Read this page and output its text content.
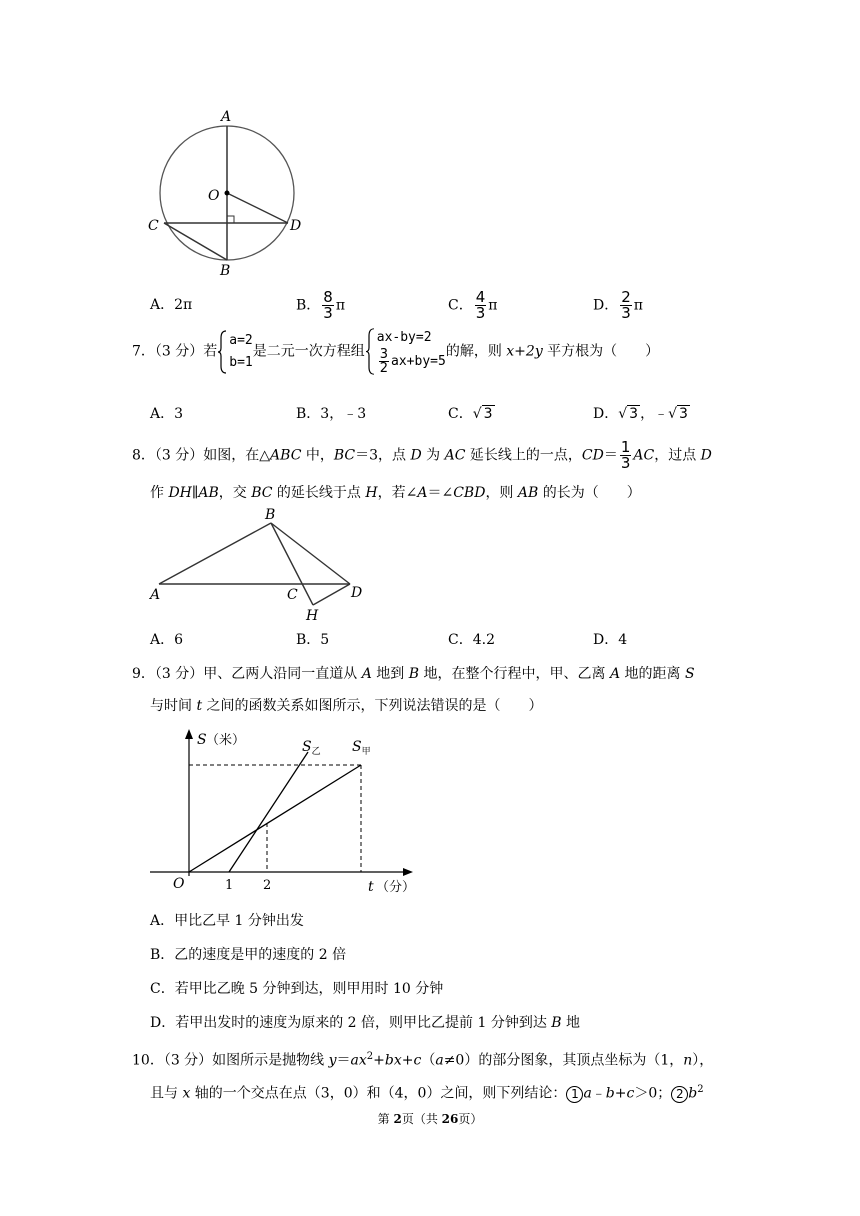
A
O
C	D
B
A．2π	B． $\frac{8}{3}$ π	C． $\frac{4}{3}$ π	D． $\frac{2}{3}$ π
7．（3 分）若
a=2
b=1
是二元一次方程组
ax-by=2
$\frac{3}{2} ax+by=5$
的解，则 x+2y 平方根为（　　）
A．3	B．3，﹣3	C．√ 3	D．√ 3 ，﹣√ 3
8．（3 分）如图，在△ABC 中，BC＝3，点 D 为 AC 延长线上的一点，$CD= \frac{1}{3}$ AC，过点 D
作 DH∥AB，交 BC 的延长线于点 H，若∠A＝∠CBD，则 AB 的长为（　　）
B
A	C	D
H
A．6	B．5	C．4.2	D．4
9．（3 分）甲、乙两人沿同一直道从 A 地到 B 地，在整个行程中，甲、乙离 A 地的距离 S
与时间 t 之间的函数关系如图所示，下列说法错误的是（　　）
S （米）	$S_乙$ $S_甲$
O	1 2	t （分）
A．甲比乙早 1 分钟出发
B．乙的速度是甲的速度的 2 倍
C．若甲比乙晚 5 分钟到达，则甲用时 10 分钟
D．若甲出发时的速度为原来的 2 倍，则甲比乙提前 1 分钟到达 B 地
10．（3 分）如图所示是抛物线 $y=ax^2+bx+c(a\ne 0)$的部分图象，其顶点坐标为（1，n），
且与 x 轴的一个交点在点（3，0）和（4，0）之间，则下列结论： 1 a﹣b+c＞0； 2 $b^2$
第 2页（共 26页）
